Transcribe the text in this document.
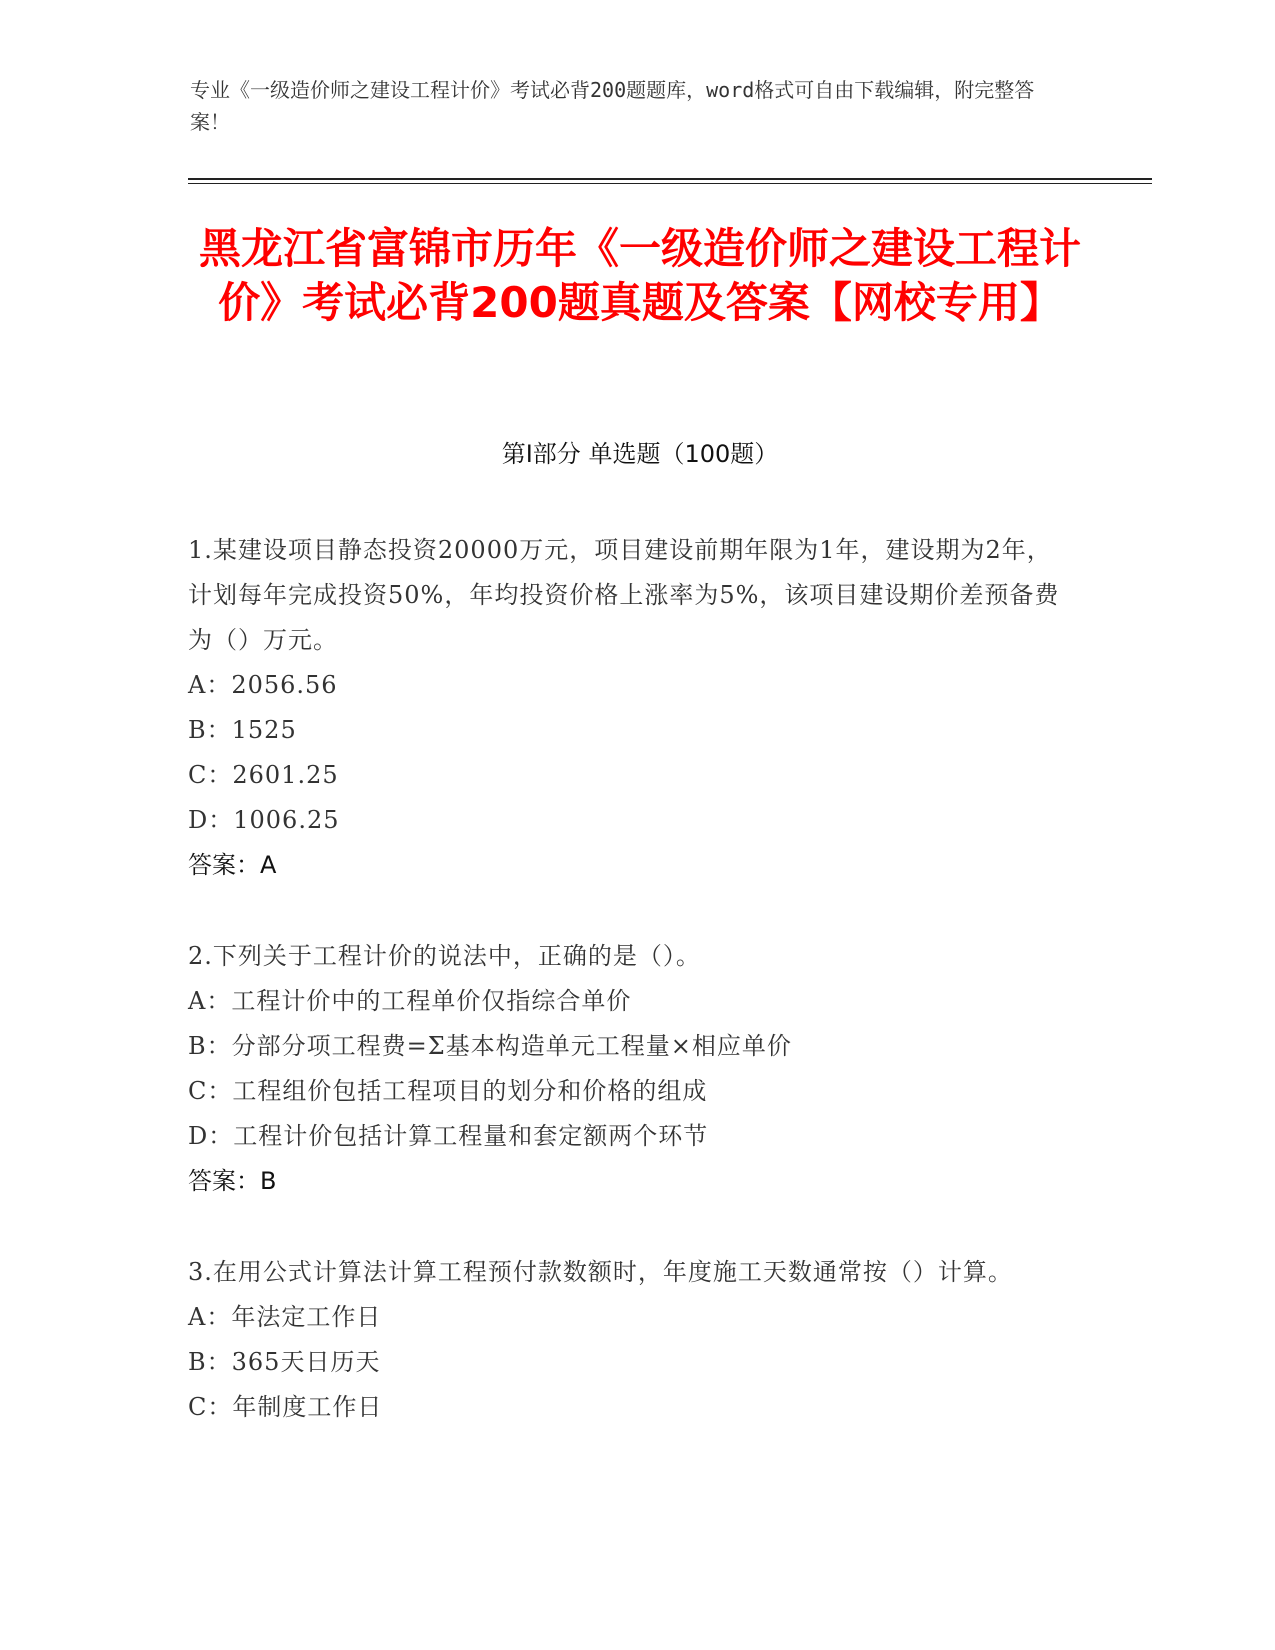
专业《一级造价师之建设工程计价》考试必背200题题库，word格式可自由下载编辑，附完整答案！
黑龙江省富锦市历年《一级造价师之建设工程计价》考试必背200题真题及答案【网校专用】
第I部分 单选题（100题）
1.某建设项目静态投资20000万元，项目建设前期年限为1年，建设期为2年，计划每年完成投资50%，年均投资价格上涨率为5%，该项目建设期价差预备费为（）万元。
A：2056.56
B：1525
C：2601.25
D：1006.25
答案：A
2.下列关于工程计价的说法中，正确的是（）。
A：工程计价中的工程单价仅指综合单价
B：分部分项工程费=Σ基本构造单元工程量×相应单价
C：工程组价包括工程项目的划分和价格的组成
D：工程计价包括计算工程量和套定额两个环节
答案：B
3.在用公式计算法计算工程预付款数额时，年度施工天数通常按（）计算。
A：年法定工作日
B：365天日历天
C：年制度工作日
